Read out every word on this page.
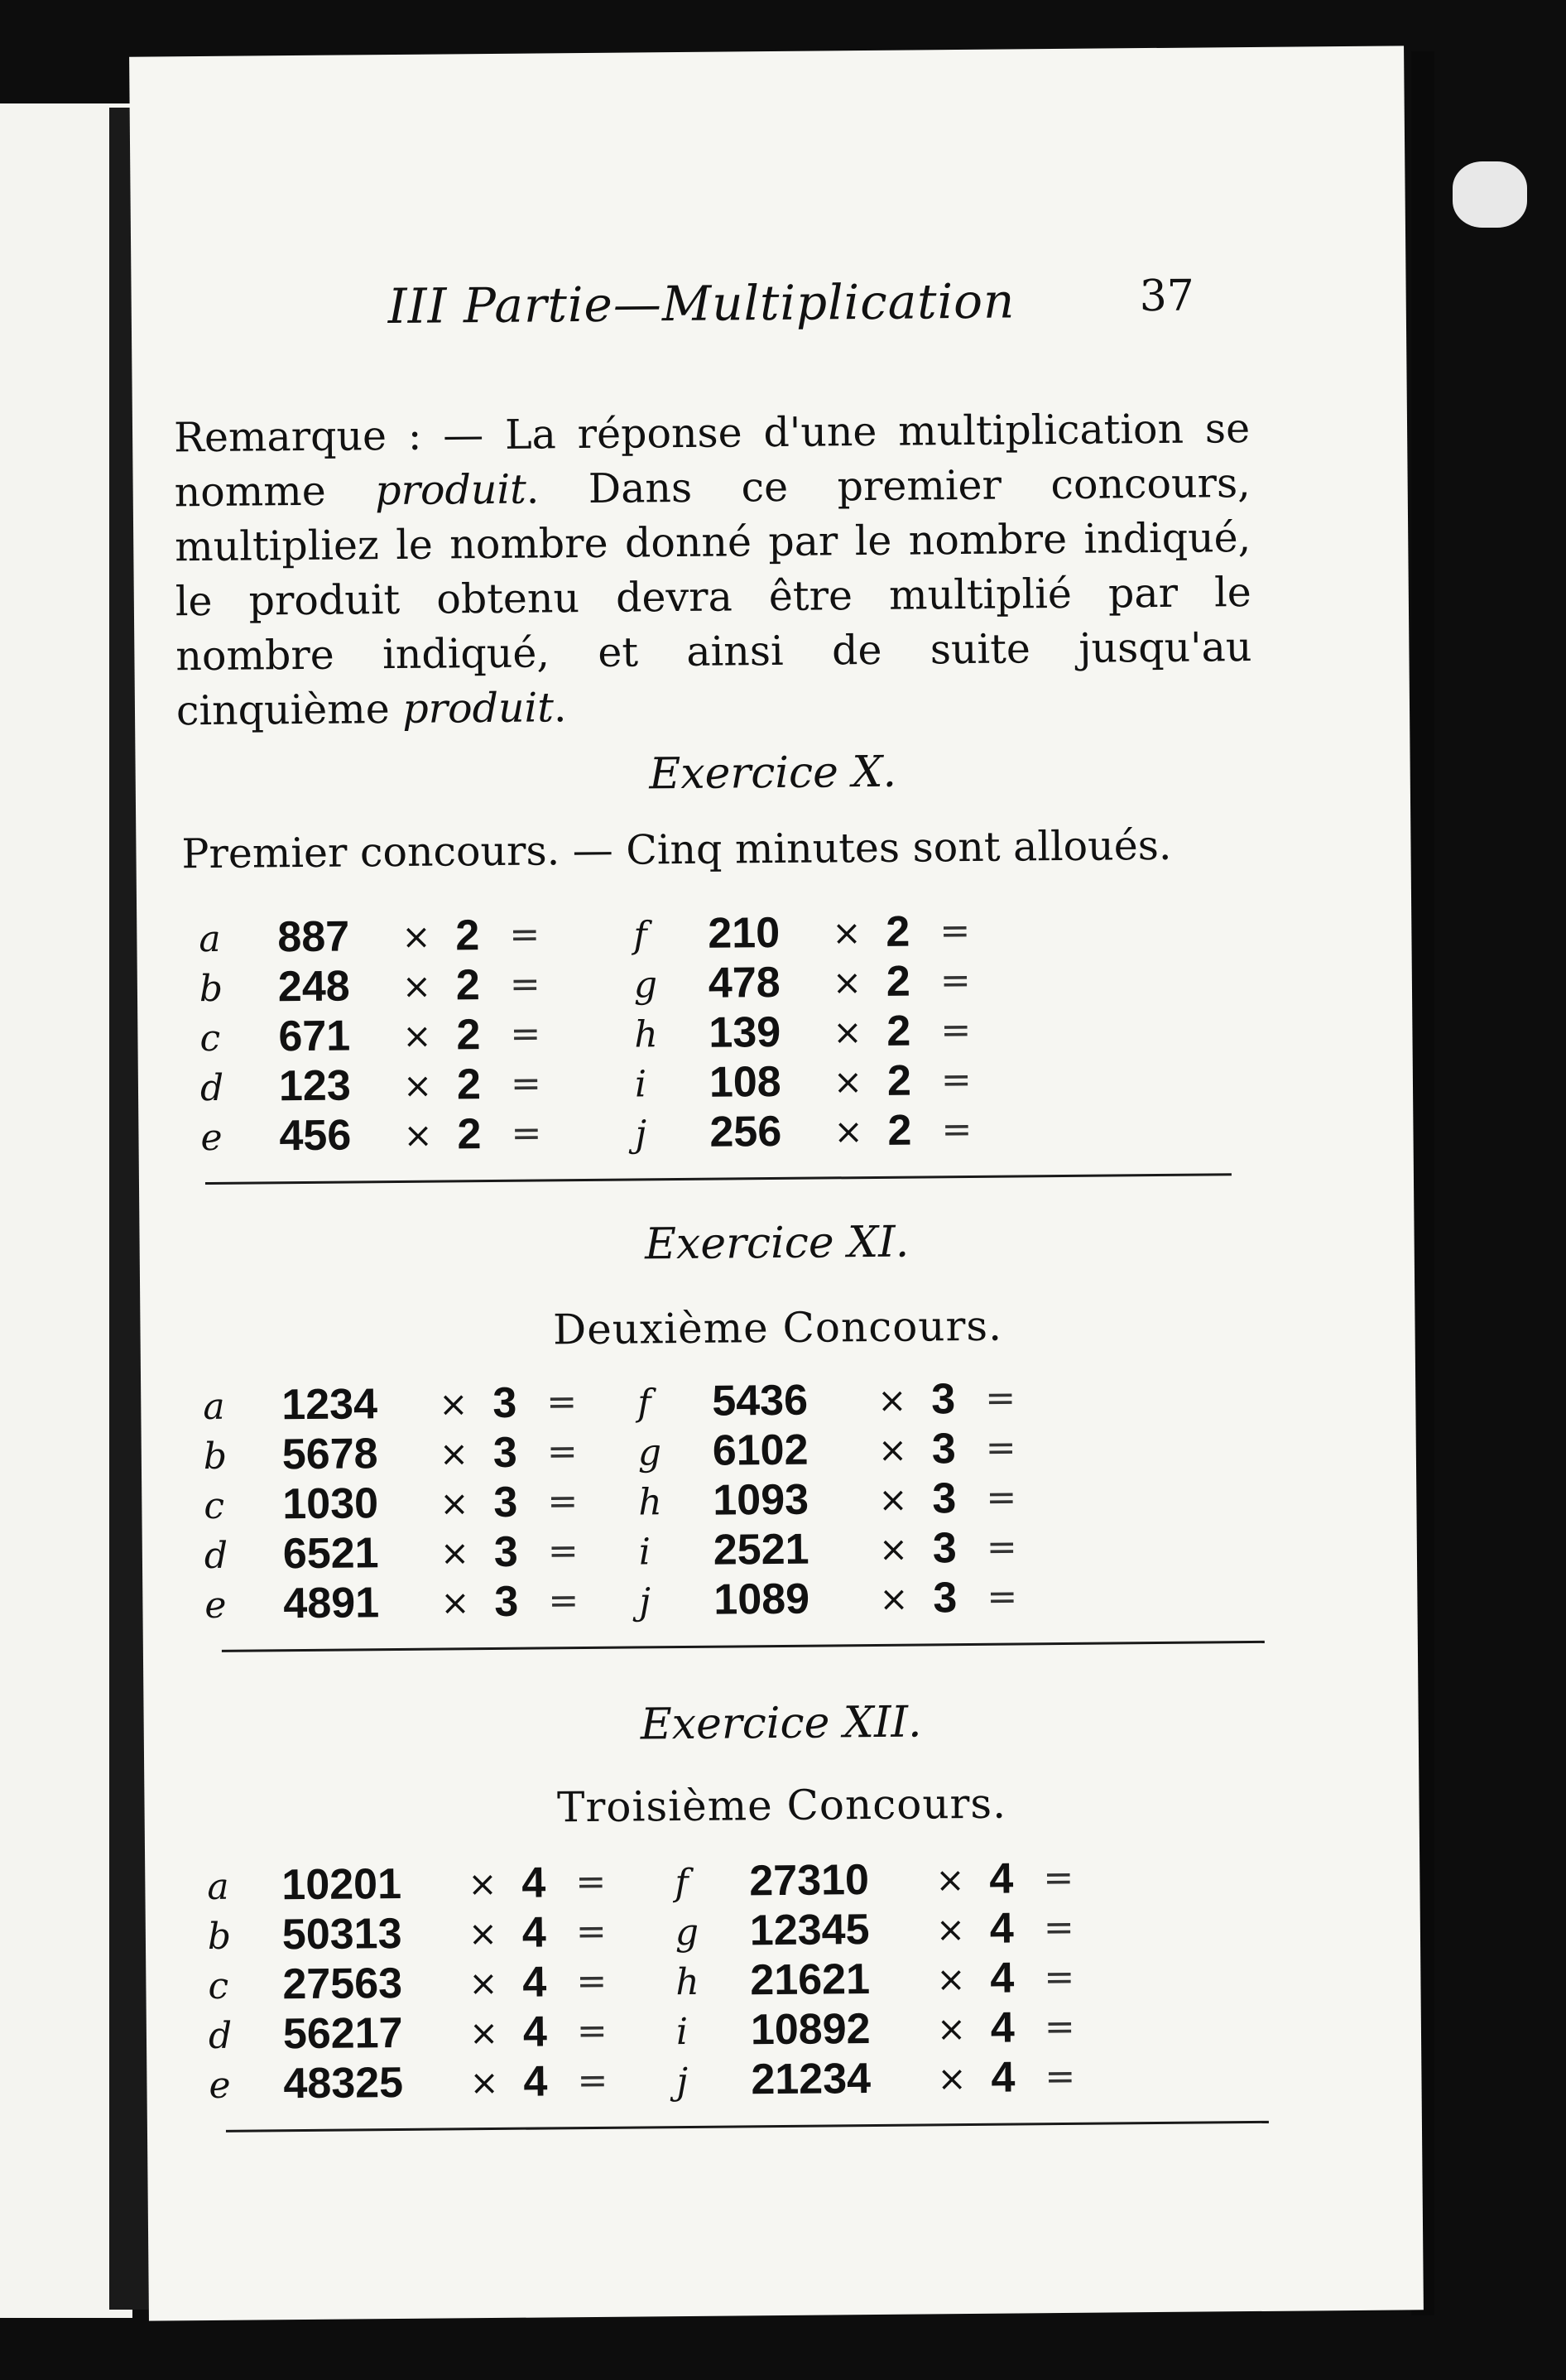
III Partie—Multiplication	37
Remarque : — La réponse d'une multiplication se nomme produit. Dans ce premier concours, multipliez le nombre donné par le nombre indiqué, le produit obtenu devra être multiplié par le nombre indiqué, et ainsi de suite jusqu'au cinquième produit.
Exercice X.
Premier concours. — Cinq minutes sont alloués.
a 887 × 2 =	f 210 × 2 =
b 248 × 2 =	g 478 × 2 =
c 671 × 2 =	h 139 × 2 =
d 123 × 2 =	i 108 × 2 =
e 456 × 2 =	j 256 × 2 =
Exercice XI.
Deuxième Concours.
a 1234 × 3 = f 5436 × 3 =
b 5678 × 3 = g 6102 × 3 =
c 1030 × 3 = h 1093 × 3 =
d 6521 × 3 = i 2521 × 3 =
e 4891 × 3 = j 1089 × 3 =
Exercice XII.
Troisième Concours.
a 10201 × 4 = f 27310 × 4 =
b 50313 × 4 = g 12345 × 4 =
c 27563 × 4 = h 21621 × 4 =
d 56217 × 4 = i 10892 × 4 =
e 48325 × 4 = j 21234 × 4 =
